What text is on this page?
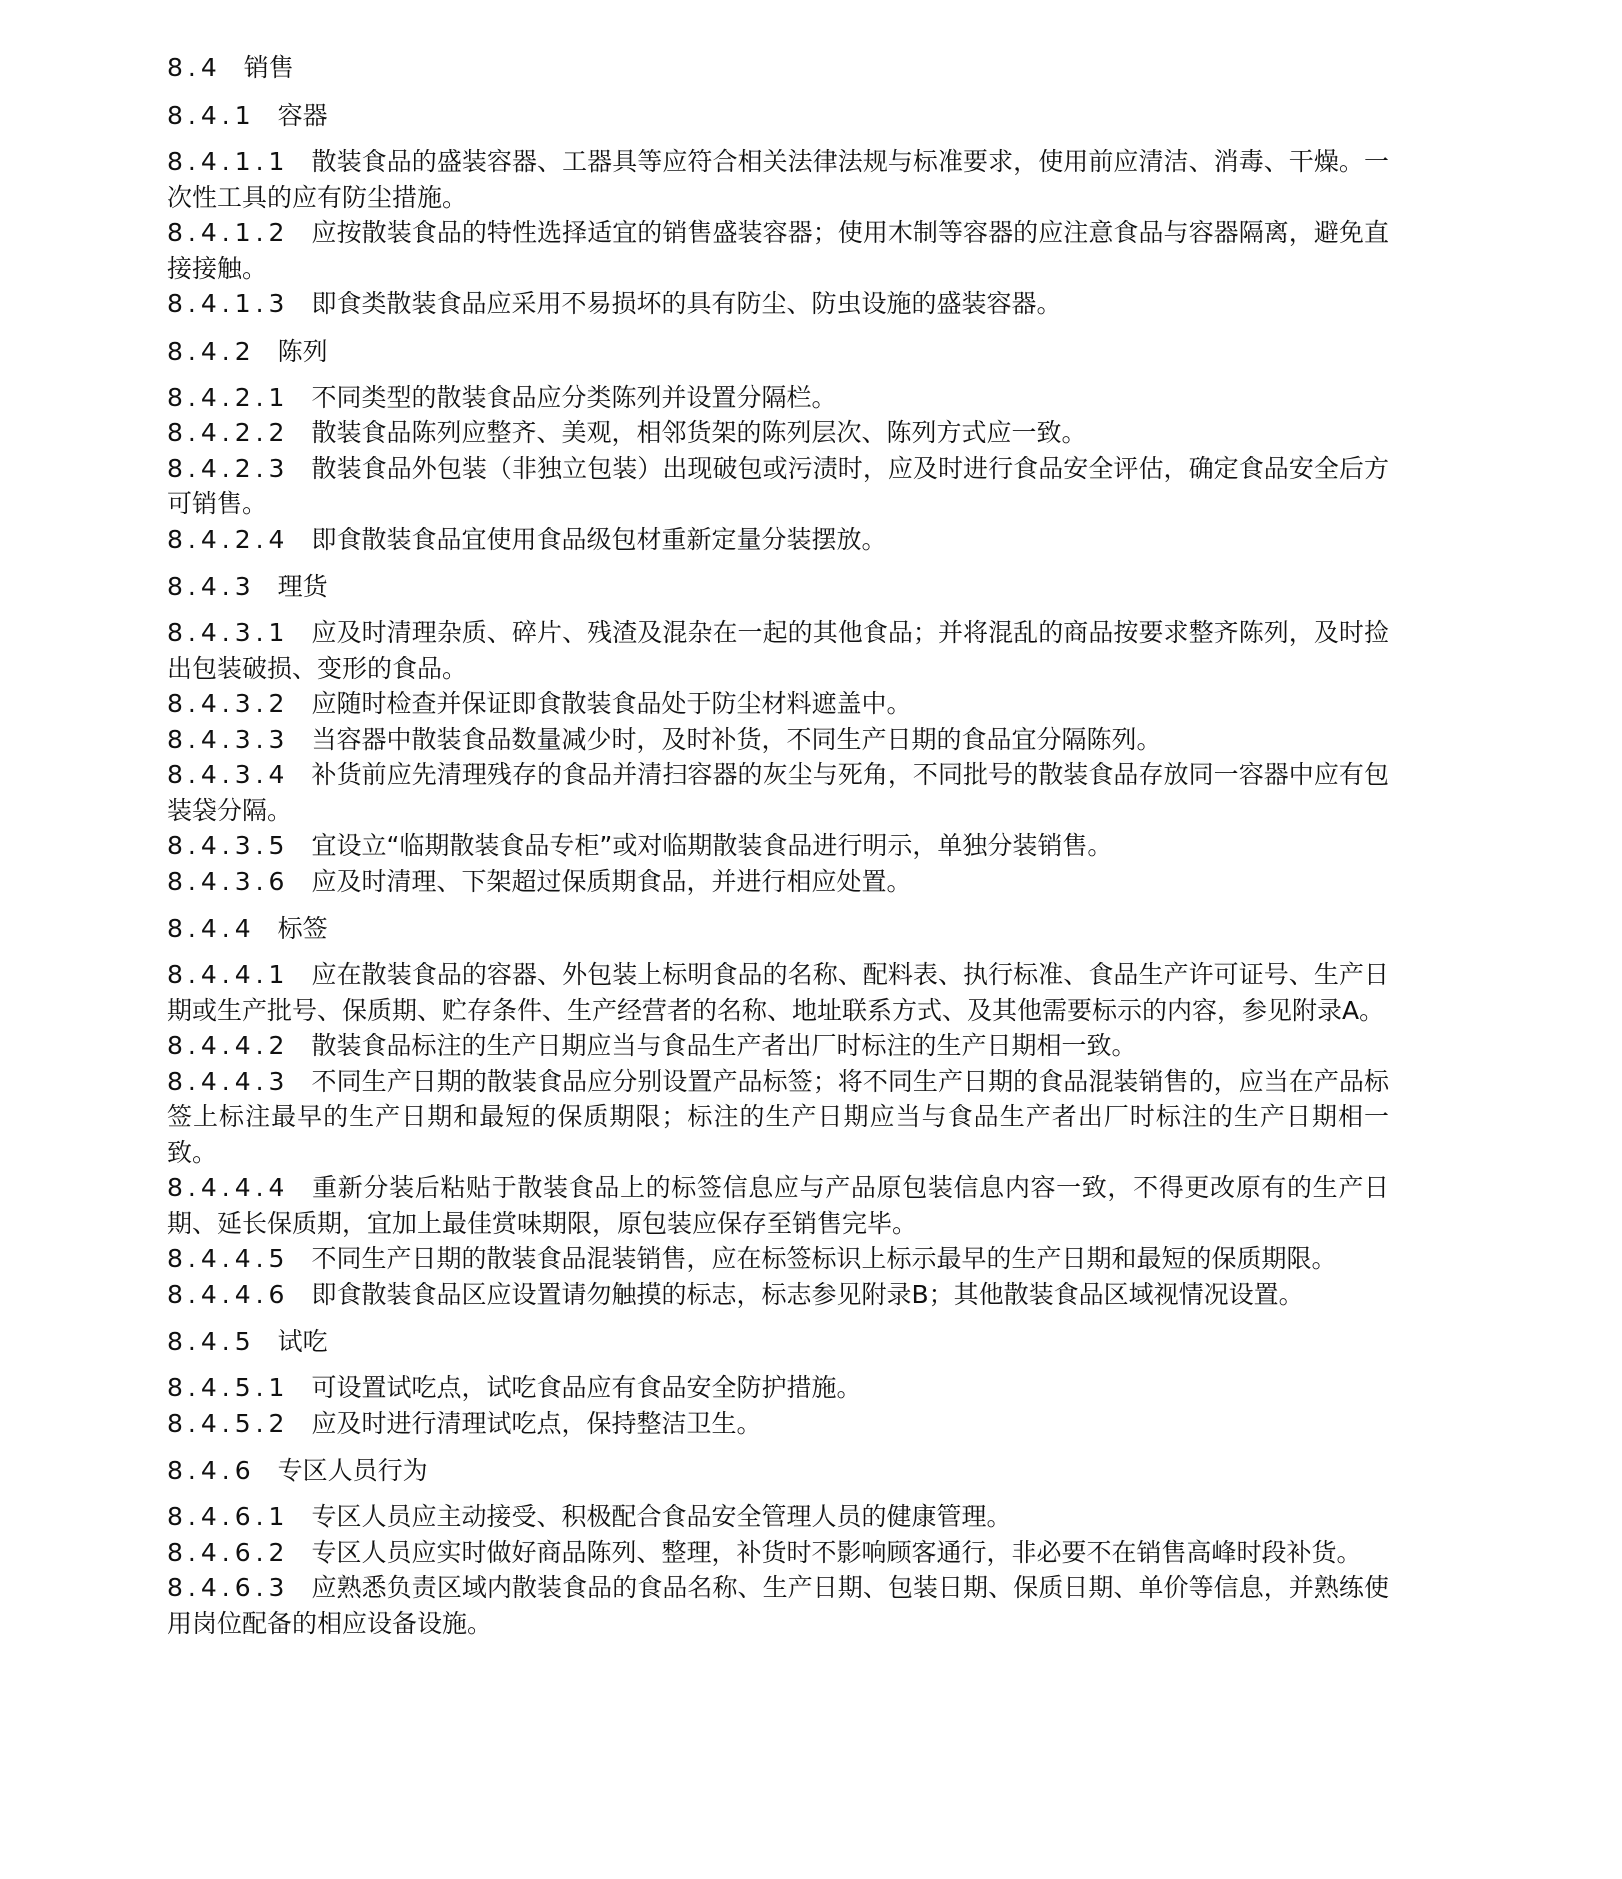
8.4 销售
8.4.1 容器

8.4.1.1 散装食品的盛装容器、工器具等应符合相关法律法规与标准要求，使用前应清洁、消毒、干燥。一次性工具的应有防尘措施。

8.4.1.2 应按散装食品的特性选择适宜的销售盛装容器；使用木制等容器的应注意食品与容器隔离，避免直接接触。

8.4.1.3 即食类散装食品应采用不易损坏的具有防尘、防虫设施的盛装容器。

8.4.2 陈列

8.4.2.1 不同类型的散装食品应分类陈列并设置分隔栏。

8.4.2.2 散装食品陈列应整齐、美观，相邻货架的陈列层次、陈列方式应一致。

8.4.2.3 散装食品外包装（非独立包装）出现破包或污渍时，应及时进行食品安全评估，确定食品安全后方可销售。

8.4.2.4 即食散装食品宜使用食品级包材重新定量分装摆放。

8.4.3 理货

8.4.3.1 应及时清理杂质、碎片、残渣及混杂在一起的其他食品；并将混乱的商品按要求整齐陈列，及时捡出包装破损、变形的食品。

8.4.3.2 应随时检查并保证即食散装食品处于防尘材料遮盖中。

8.4.3.3 当容器中散装食品数量减少时，及时补货，不同生产日期的食品宜分隔陈列。

8.4.3.4 补货前应先清理残存的食品并清扫容器的灰尘与死角，不同批号的散装食品存放同一容器中应有包装袋分隔。

8.4.3.5 宜设立“临期散装食品专柜”或对临期散装食品进行明示，单独分装销售。

8.4.3.6 应及时清理、下架超过保质期食品，并进行相应处置。

8.4.4 标签

8.4.4.1 应在散装食品的容器、外包装上标明食品的名称、配料表、执行标准、食品生产许可证号、生产日期或生产批号、保质期、贮存条件、生产经营者的名称、地址联系方式、及其他需要标示的内容，参见附录A。

8.4.4.2 散装食品标注的生产日期应当与食品生产者出厂时标注的生产日期相一致。

8.4.4.3 不同生产日期的散装食品应分别设置产品标签；将不同生产日期的食品混装销售的，应当在产品标签上标注最早的生产日期和最短的保质期限；标注的生产日期应当与食品生产者出厂时标注的生产日期相一致。

8.4.4.4 重新分装后粘贴于散装食品上的标签信息应与产品原包装信息内容一致，不得更改原有的生产日期、延长保质期，宜加上最佳赏味期限，原包装应保存至销售完毕。

8.4.4.5 不同生产日期的散装食品混装销售，应在标签标识上标示最早的生产日期和最短的保质期限。

8.4.4.6 即食散装食品区应设置请勿触摸的标志，标志参见附录B；其他散装食品区域视情况设置。

8.4.5 试吃

8.4.5.1 可设置试吃点，试吃食品应有食品安全防护措施。

8.4.5.2 应及时进行清理试吃点，保持整洁卫生。

8.4.6 专区人员行为

8.4.6.1 专区人员应主动接受、积极配合食品安全管理人员的健康管理。

8.4.6.2 专区人员应实时做好商品陈列、整理，补货时不影响顾客通行，非必要不在销售高峰时段补货。

8.4.6.3 应熟悉负责区域内散装食品的食品名称、生产日期、包装日期、保质日期、单价等信息，并熟练使用岗位配备的相应设备设施。
